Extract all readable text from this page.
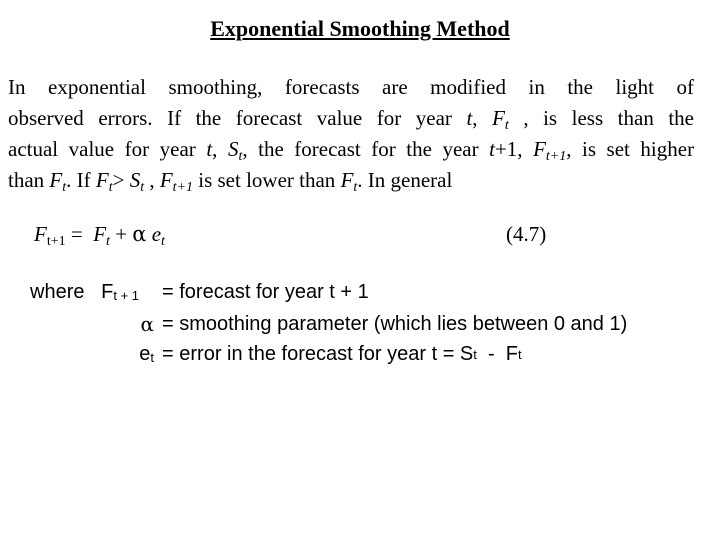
Exponential Smoothing Method
In exponential smoothing, forecasts are modified in the light of
observed errors. If the forecast value for year t, $F_t$ , is less than the
actual value for year t, $S_t$, the forecast for the year t+1, $F_{t+1}$, is set higher
than $F_t$. If $F_t> S_t$ , $F_{t+1}$ is set lower than $F_t$. In general
$F_{t+1} = F_t + \alpha$ $e_t$	(4.7)
where Ft + 1	=
forecast for year t + 1
α =
smoothing parameter (which lies between 0 and 1)
et =
error in the forecast for year t = S t -  F t
